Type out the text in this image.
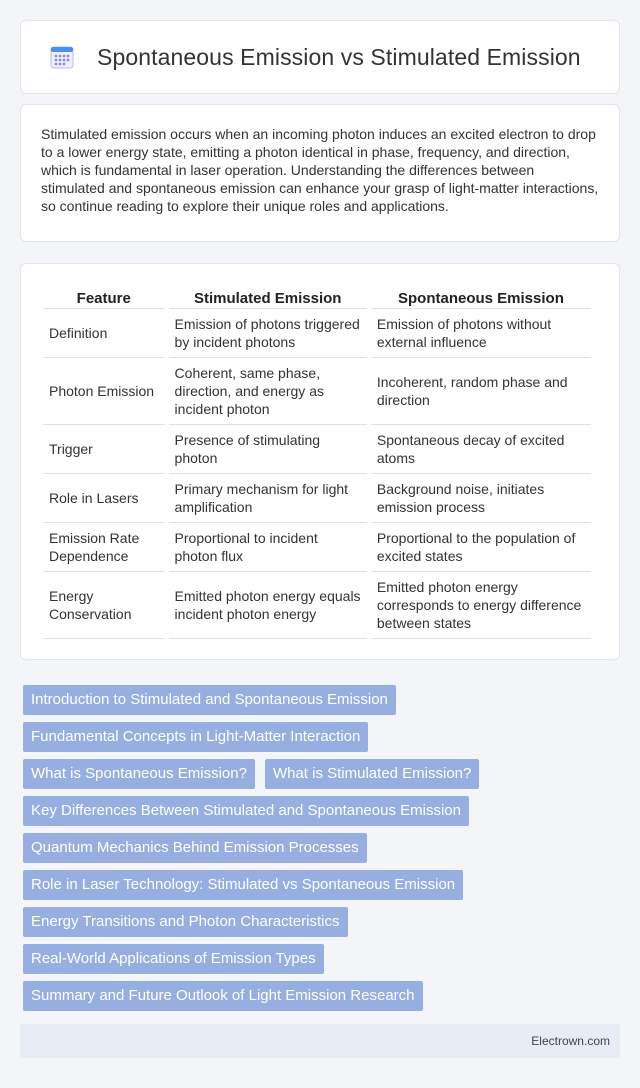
Spontaneous Emission vs Stimulated Emission

Stimulated emission occurs when an incoming photon induces an excited electron to drop to a lower energy state, emitting a photon identical in phase, frequency, and direction, which is fundamental in laser operation. Understanding the differences between stimulated and spontaneous emission can enhance your grasp of light-matter interactions, so continue reading to explore their unique roles and applications.

Feature	Stimulated Emission	Spontaneous Emission
Definition	Emission of photons triggered by incident photons	Emission of photons without external influence
Photon Emission	Coherent, same phase, direction, and energy as incident photon	Incoherent, random phase and direction
Trigger	Presence of stimulating photon	Spontaneous decay of excited atoms
Role in Lasers	Primary mechanism for light amplification	Background noise, initiates emission process
Emission Rate Dependence	Proportional to incident photon flux	Proportional to the population of excited states
Energy Conservation	Emitted photon energy equals incident photon energy	Emitted photon energy corresponds to energy difference between states
Introduction to Stimulated and Spontaneous Emission
Fundamental Concepts in Light-Matter Interaction
What is Spontaneous Emission?	What is Stimulated Emission?
Key Differences Between Stimulated and Spontaneous Emission
Quantum Mechanics Behind Emission Processes
Role in Laser Technology: Stimulated vs Spontaneous Emission
Energy Transitions and Photon Characteristics
Real-World Applications of Emission Types
Summary and Future Outlook of Light Emission Research
Electrown.com
